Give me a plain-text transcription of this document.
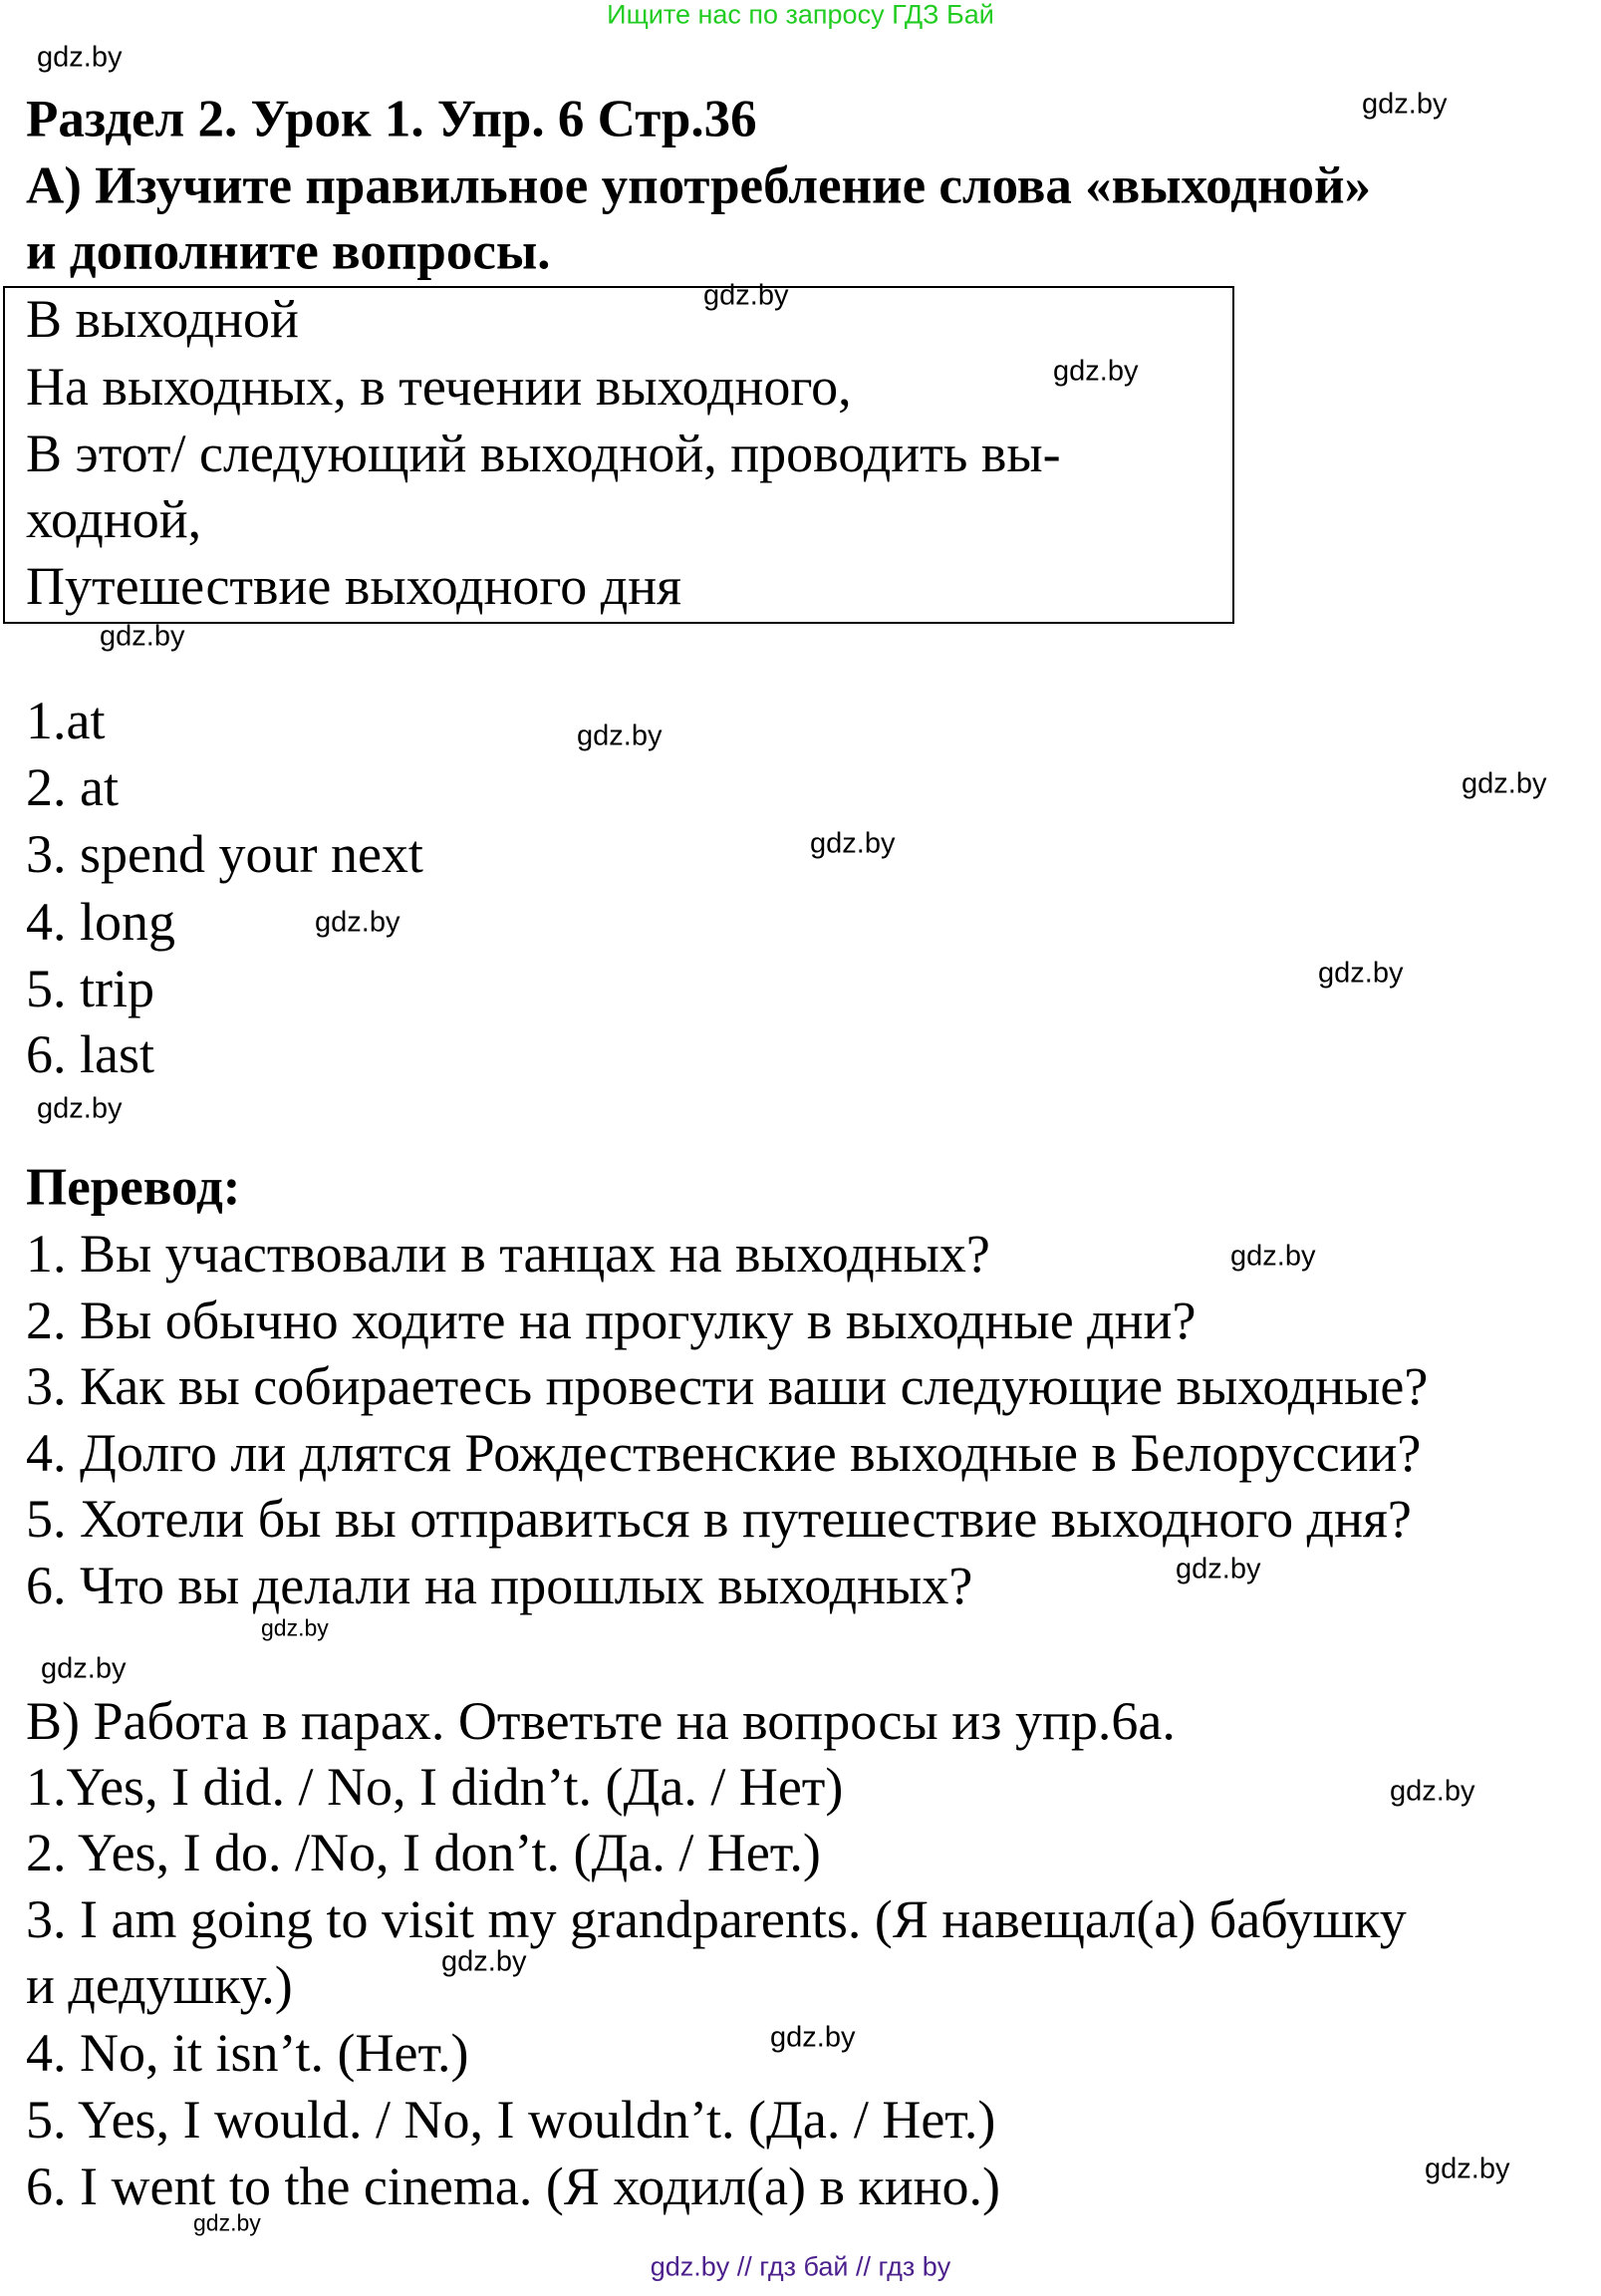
Ищите нас по запросу ГДЗ Бай
Раздел 2. Урок 1. Упр. 6 Стр.36
А) Изучите правильное употребление слова «выходной»
и дополните вопросы.
В выходной
На выходных, в течении выходного,
В этот/ следующий выходной, проводить вы-
ходной,
Путешествие выходного дня
1.at
2. at
3. spend your next
4. long
5. trip
6. last
Перевод:
1. Вы участвовали в танцах на выходных?
2. Вы обычно ходите на прогулку в выходные дни?
3. Как вы собираетесь провести ваши следующие выходные?
4. Долго ли длятся Рождественские выходные в Белоруссии?
5. Хотели бы вы отправиться в путешествие выходного дня?
6. Что вы делали на прошлых выходных?
В) Работа в парах. Ответьте на вопросы из упр.6а.
1.Yes, I did. / No, I didn’t. (Да. / Нет)
2. Yes, I do. /No, I don’t. (Да. / Нет.)
3. I am going to visit my grandparents. (Я навещал(а) бабушку
и дедушку.)
4. No, it isn’t. (Нет.)
5. Yes, I would. / No, I wouldn’t. (Да. / Нет.)
6. I went to the cinema. (Я ходил(а) в кино.)
gdz.by
gdz.by
gdz.by
gdz.by
gdz.by
gdz.by
gdz.by
gdz.by
gdz.by
gdz.by
gdz.by
gdz.by
gdz.by
gdz.by
gdz.by
gdz.by
gdz.by
gdz.by
gdz.by
gdz.by
gdz.by // гдз бай // гдз by
